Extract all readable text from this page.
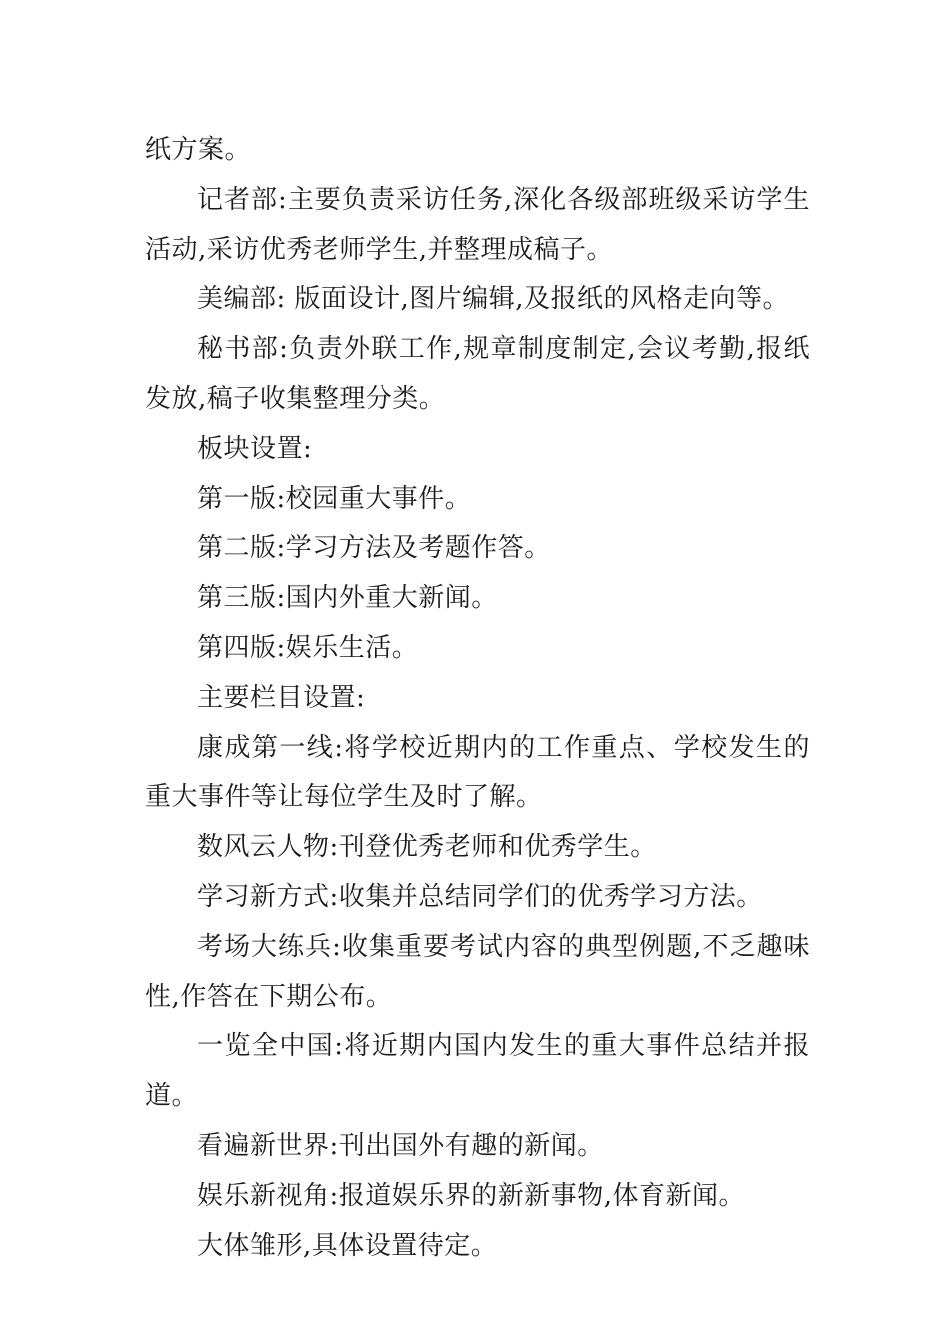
纸方案。

记者部:主要负责采访任务,深化各级部班级采访学生活动,采访优秀老师学生,并整理成稿子。

美编部: 版面设计,图片编辑,及报纸的风格走向等。

秘书部:负责外联工作,规章制度制定,会议考勤,报纸发放,稿子收集整理分类。

板块设置:

第一版:校园重大事件。

第二版:学习方法及考题作答。

第三版:国内外重大新闻。

第四版:娱乐生活。

主要栏目设置:

康成第一线:将学校近期内的工作重点、学校发生的重大事件等让每位学生及时了解。

数风云人物:刊登优秀老师和优秀学生。

学习新方式:收集并总结同学们的优秀学习方法。

考场大练兵:收集重要考试内容的典型例题,不乏趣味性,作答在下期公布。

一览全中国:将近期内国内发生的重大事件总结并报道。

看遍新世界:刊出国外有趣的新闻。

娱乐新视角:报道娱乐界的新新事物,体育新闻。

大体雏形,具体设置待定。
